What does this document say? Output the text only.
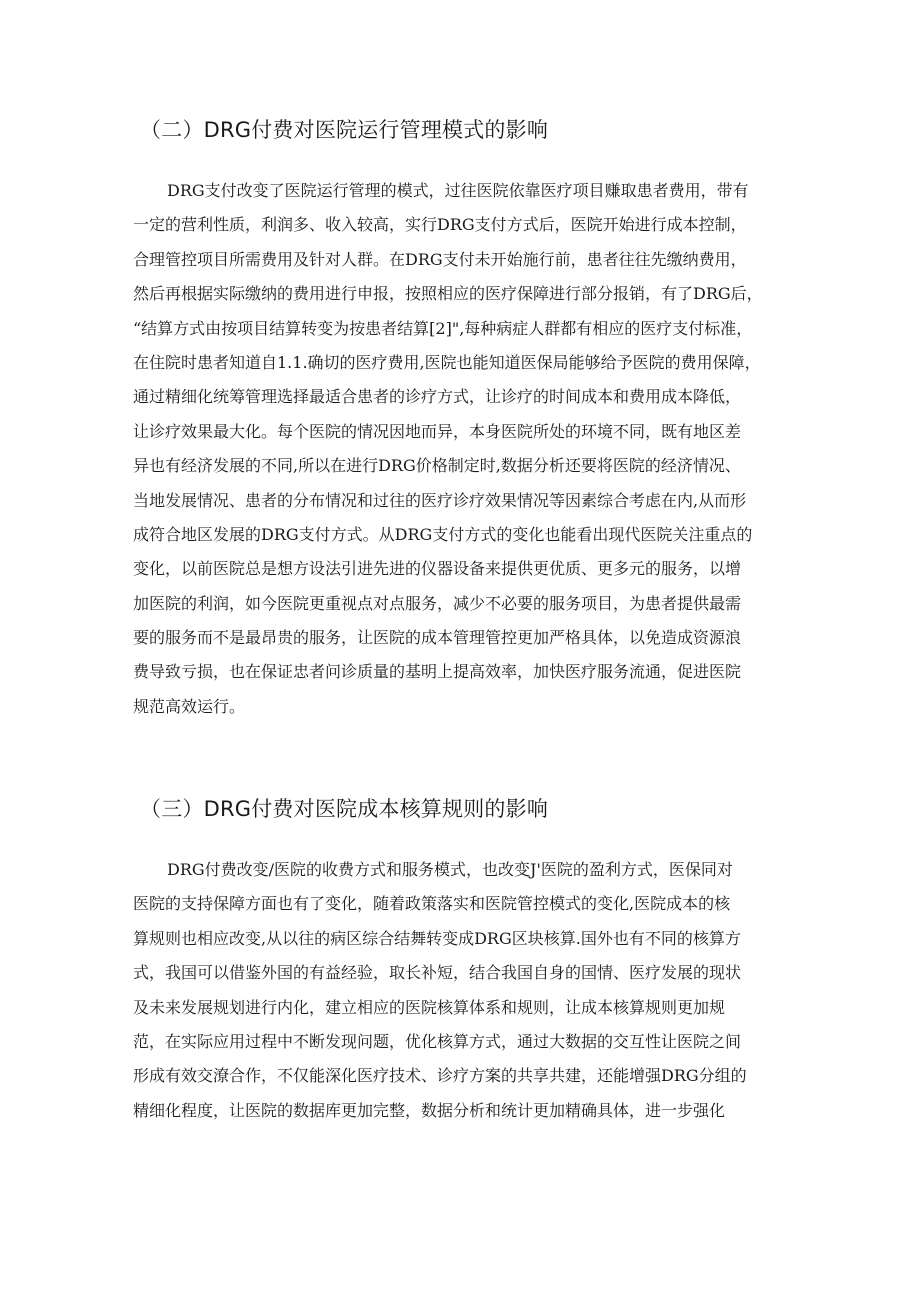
（二）DRG付费对医院运行管理模式的影响
DRG支付改变了医院运行管理的模式，过往医院依靠医疗项目赚取患者费用，带有
一定的营利性质，利润多、收入较高，实行DRG支付方式后，医院开始进行成本控制，
合理管控项目所需费用及针对人群。在DRG支付未开始施行前，患者往往先缴纳费用，
然后再根据实际缴纳的费用进行申报，按照相应的医疗保障进行部分报销，有了DRG后，
“结算方式由按项目结算转变为按患者结算[2]",每种病症人群都有相应的医疗支付标准，
在住院时患者知道自1.1.确切的医疗费用,医院也能知道医保局能够给予医院的费用保障，
通过精细化统筹管理选择最适合患者的诊疗方式，让诊疗的时间成本和费用成本降低，
让诊疗效果最大化。每个医院的情况因地而异，本身医院所处的环境不同，既有地区差
异也有经济发展的不同,所以在进行DRG价格制定时,数据分析还要将医院的经济情况、
当地发展情况、患者的分布情况和过往的医疗诊疗效果情况等因素综合考虑在内,从而形
成符合地区发展的DRG支付方式。从DRG支付方式的变化也能看出现代医院关注重点的
变化，以前医院总是想方设法引进先进的仪器设备来提供更优质、更多元的服务，以增
加医院的利润，如今医院更重视点对点服务，减少不必要的服务项目，为患者提供最需
要的服务而不是最昂贵的服务，让医院的成本管理管控更加严格具体，以免造成资源浪
费导致亏损，也在保证忠者问诊质量的基明上提高效率，加快医疗服务流通，促进医院
规范高效运行。
（三）DRG付费对医院成本核算规则的影响
DRG付费改变/医院的收费方式和服务模式，也改变J'医院的盈利方式，医保同对
医院的支持保障方面也有了变化，随着政策落实和医院管控模式的变化,医院成本的核
算规则也相应改变,从以往的病区综合结舞转变成DRG区块核算.国外也有不同的核算方
式，我国可以借鉴外国的有益经验，取长补短，结合我国自身的国情、医疗发展的现状
及未来发展规划进行内化，建立相应的医院核算体系和规则，让成本核算规则更加规
范，在实际应用过程中不断发现问题，优化核算方式，通过大数据的交互性让医院之间
形成有效交潦合作，不仅能深化医疗技术、诊疗方案的共享共建，还能增强DRG分组的
精细化程度，让医院的数据库更加完整，数据分析和统计更加精确具体，进一步强化
